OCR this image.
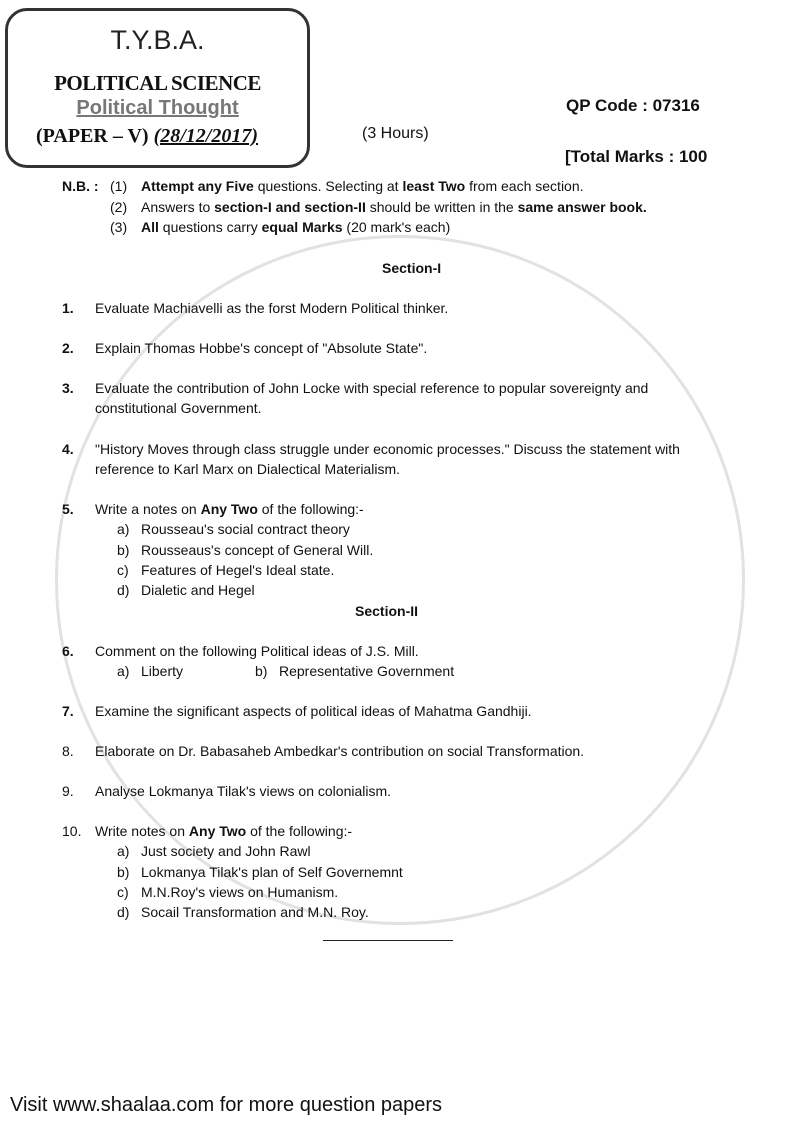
T.Y.B.A.
POLITICAL SCIENCE
Political Thought
(PAPER – V) (28/12/2017)
QP Code : 07316
(3 Hours)
[Total Marks : 100
N.B. : (1) Attempt any Five questions. Selecting at least Two from each section.
(2) Answers to section-I and section-II should be written in the same answer book.
(3) All questions carry equal Marks (20 mark's each)
Section-I
Section-II
1. Evaluate Machiavelli as the forst Modern Political thinker.
2. Explain Thomas Hobbe's concept of "Absolute State".
3. Evaluate the contribution of John Locke with special reference to popular sovereignty and
constitutional Government.
4. "History Moves through class struggle under economic processes." Discuss the statement with
reference to Karl Marx on Dialectical Materialism.
5. Write a notes on Any Two of the following:-
a) Rousseau's social contract theory
b) Rousseaus's concept of General Will.
c) Features of Hegel's Ideal state.
d) Dialetic and Hegel
6. Comment on the following Political ideas of J.S. Mill.
a) Liberty	b) Representative Government
7. Examine the significant aspects of political ideas of Mahatma Gandhiji.
8. Elaborate on Dr. Babasaheb Ambedkar's contribution on social Transformation.
9. Analyse Lokmanya Tilak's views on colonialism.
10. Write notes on Any Two of the following:-
a) Just society and John Rawl
b) Lokmanya Tilak's plan of Self Governemnt
c) M.N.Roy's views on Humanism.
d) Socail Transformation and M.N. Roy.
Visit www.shaalaa.com for more question papers
